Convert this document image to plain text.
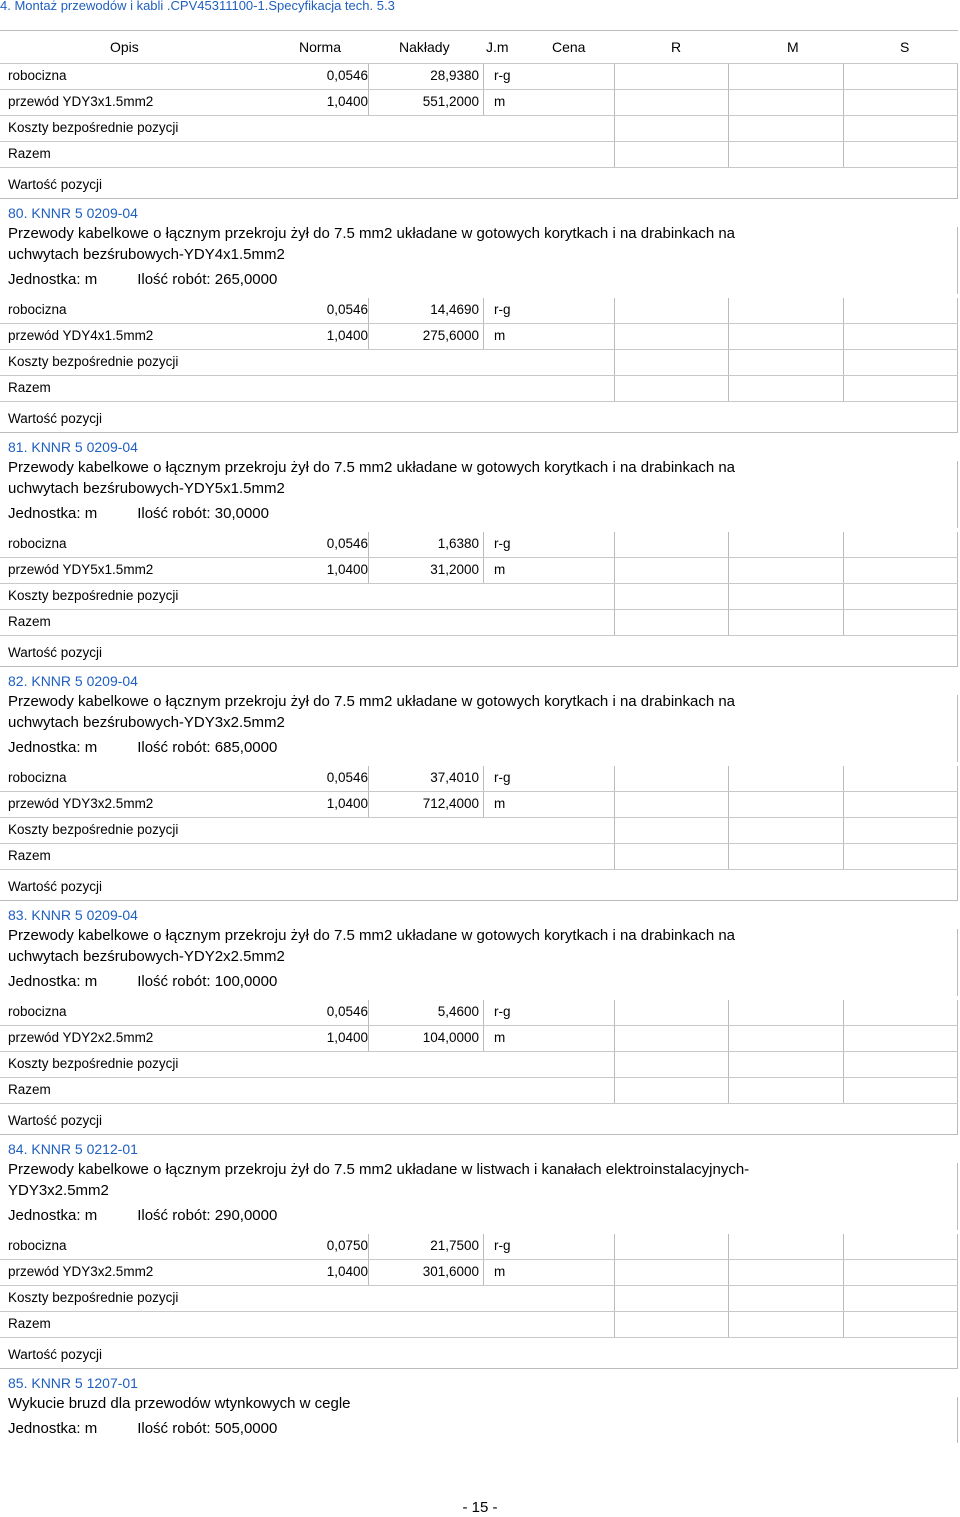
4. Montaż przewodów i kabli .CPV45311100-1.Specyfikacja tech. 5.3
Opis	Norma	Nakłady	J.m	Cena	R	M	S
robocizna	0,0546	28,9380 r-g
przewód YDY3x1.5mm2	1,0400	551,2000 m
Koszty bezpośrednie pozycji
Razem
Wartość pozycji
80. KNNR 5 0209-04
Przewody kabelkowe o łącznym przekroju żył do 7.5 mm2 układane w gotowych korytkach i na drabinkach na uchwytach bezśrubowych-YDY4x1.5mm2
Jednostka: m	Ilość robót: 265,0000
robocizna	0,0546	14,4690 r-g
przewód YDY4x1.5mm2	1,0400	275,6000 m
Koszty bezpośrednie pozycji
Razem
Wartość pozycji
81. KNNR 5 0209-04
Przewody kabelkowe o łącznym przekroju żył do 7.5 mm2 układane w gotowych korytkach i na drabinkach na uchwytach bezśrubowych-YDY5x1.5mm2
Jednostka: m	Ilość robót: 30,0000
robocizna	0,0546	1,6380 r-g
przewód YDY5x1.5mm2	1,0400	31,2000 m
Koszty bezpośrednie pozycji
Razem
Wartość pozycji
82. KNNR 5 0209-04
Przewody kabelkowe o łącznym przekroju żył do 7.5 mm2 układane w gotowych korytkach i na drabinkach na uchwytach bezśrubowych-YDY3x2.5mm2
Jednostka: m	Ilość robót: 685,0000
robocizna	0,0546	37,4010 r-g
przewód YDY3x2.5mm2	1,0400	712,4000 m
Koszty bezpośrednie pozycji
Razem
Wartość pozycji
83. KNNR 5 0209-04
Przewody kabelkowe o łącznym przekroju żył do 7.5 mm2 układane w gotowych korytkach i na drabinkach na uchwytach bezśrubowych-YDY2x2.5mm2
Jednostka: m	Ilość robót: 100,0000
robocizna	0,0546	5,4600 r-g
przewód YDY2x2.5mm2	1,0400	104,0000 m
Koszty bezpośrednie pozycji
Razem
Wartość pozycji
84. KNNR 5 0212-01
Przewody kabelkowe o łącznym przekroju żył do 7.5 mm2 układane w listwach i kanałach elektroinstalacyjnych-YDY3x2.5mm2
Jednostka: m	Ilość robót: 290,0000
robocizna	0,0750	21,7500 r-g
przewód YDY3x2.5mm2	1,0400	301,6000 m
Koszty bezpośrednie pozycji
Razem
Wartość pozycji
85. KNNR 5 1207-01
Wykucie bruzd dla przewodów wtynkowych w cegle
Jednostka: m	Ilość robót: 505,0000
- 15 -
